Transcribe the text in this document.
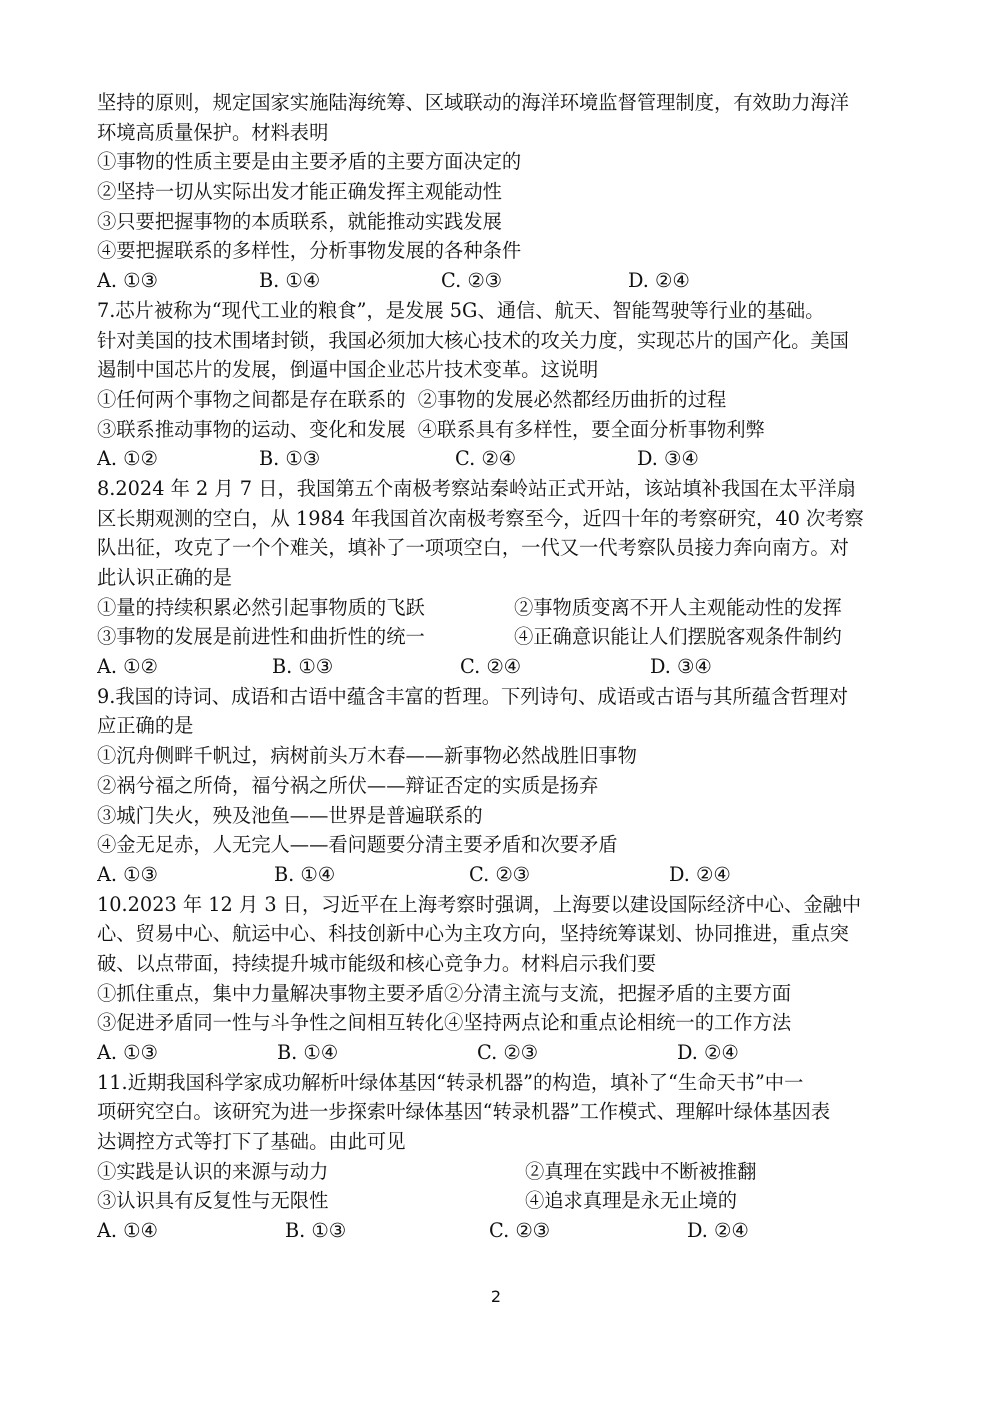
坚持的原则，规定国家实施陆海统筹、区域联动的海洋环境监督管理制度，有效助力海洋
环境高质量保护。材料表明
①事物的性质主要是由主要矛盾的主要方面决定的
②坚持一切从实际出发才能正确发挥主观能动性
③只要把握事物的本质联系，就能推动实践发展
④要把握联系的多样性，分析事物发展的各种条件
A. ①③	B. ①④	C. ②③	D. ②④
7.芯片被称为“现代工业的粮食”，是发展 5G、通信、航天、智能驾驶等行业的基础。
针对美国的技术围堵封锁，我国必须加大核心技术的攻关力度，实现芯片的国产化。美国
遏制中国芯片的发展，倒逼中国企业芯片技术变革。这说明
①任何两个事物之间都是存在联系的  ②事物的发展必然都经历曲折的过程
③联系推动事物的运动、变化和发展  ④联系具有多样性，要全面分析事物利弊
A. ①②	B. ①③	C. ②④	D. ③④
8.2024 年 2 月 7 日，我国第五个南极考察站秦岭站正式开站，该站填补我国在太平洋扇
区长期观测的空白，从 1984 年我国首次南极考察至今，近四十年的考察研究，40 次考察
队出征，攻克了一个个难关，填补了一项项空白，一代又一代考察队员接力奔向南方。对
此认识正确的是
①量的持续积累必然引起事物质的飞跃	②事物质变离不开人主观能动性的发挥
③事物的发展是前进性和曲折性的统一	④正确意识能让人们摆脱客观条件制约
A. ①②	B. ①③	C. ②④	D. ③④
9.我国的诗词、成语和古语中蕴含丰富的哲理。下列诗句、成语或古语与其所蕴含哲理对
应正确的是
①沉舟侧畔千帆过，病树前头万木春——新事物必然战胜旧事物
②祸兮福之所倚，福兮祸之所伏——辩证否定的实质是扬弃
③城门失火，殃及池鱼——世界是普遍联系的
④金无足赤，人无完人——看问题要分清主要矛盾和次要矛盾
A. ①③	B. ①④	C. ②③	D. ②④
10.2023 年 12 月 3 日，习近平在上海考察时强调，上海要以建设国际经济中心、金融中
心、贸易中心、航运中心、科技创新中心为主攻方向，坚持统筹谋划、协同推进，重点突
破、以点带面，持续提升城市能级和核心竞争力。材料启示我们要
①抓住重点，集中力量解决事物主要矛盾②分清主流与支流，把握矛盾的主要方面
③促进矛盾同一性与斗争性之间相互转化④坚持两点论和重点论相统一的工作方法
A. ①③	B. ①④	C. ②③	D. ②④
11.近期我国科学家成功解析叶绿体基因“转录机器”的构造，填补了“生命天书”中一
项研究空白。该研究为进一步探索叶绿体基因“转录机器”工作模式、理解叶绿体基因表
达调控方式等打下了基础。由此可见
①实践是认识的来源与动力	②真理在实践中不断被推翻
③认识具有反复性与无限性	④追求真理是永无止境的
A. ①④	B. ①③	C. ②③	D. ②④
2
